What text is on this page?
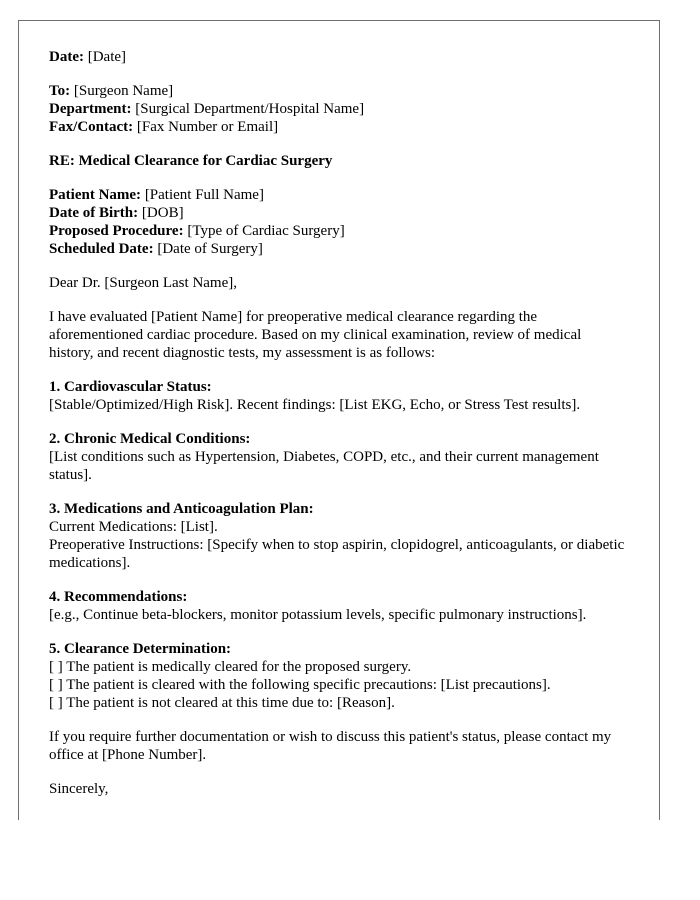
Date: [Date]
To: [Surgeon Name]
Department: [Surgical Department/Hospital Name]
Fax/Contact: [Fax Number or Email]
RE: Medical Clearance for Cardiac Surgery
Patient Name: [Patient Full Name]
Date of Birth: [DOB]
Proposed Procedure: [Type of Cardiac Surgery]
Scheduled Date: [Date of Surgery]
Dear Dr. [Surgeon Last Name],
I have evaluated [Patient Name] for preoperative medical clearance regarding the aforementioned cardiac procedure. Based on my clinical examination, review of medical history, and recent diagnostic tests, my assessment is as follows:
1. Cardiovascular Status:
[Stable/Optimized/High Risk]. Recent findings: [List EKG, Echo, or Stress Test results].
2. Chronic Medical Conditions:
[List conditions such as Hypertension, Diabetes, COPD, etc., and their current management status].
3. Medications and Anticoagulation Plan:
Current Medications: [List].
Preoperative Instructions: [Specify when to stop aspirin, clopidogrel, anticoagulants, or diabetic medications].
4. Recommendations:
[e.g., Continue beta-blockers, monitor potassium levels, specific pulmonary instructions].
5. Clearance Determination:
[ ] The patient is medically cleared for the proposed surgery.
[ ] The patient is cleared with the following specific precautions: [List precautions].
[ ] The patient is not cleared at this time due to: [Reason].
If you require further documentation or wish to discuss this patient's status, please contact my office at [Phone Number].
Sincerely,
